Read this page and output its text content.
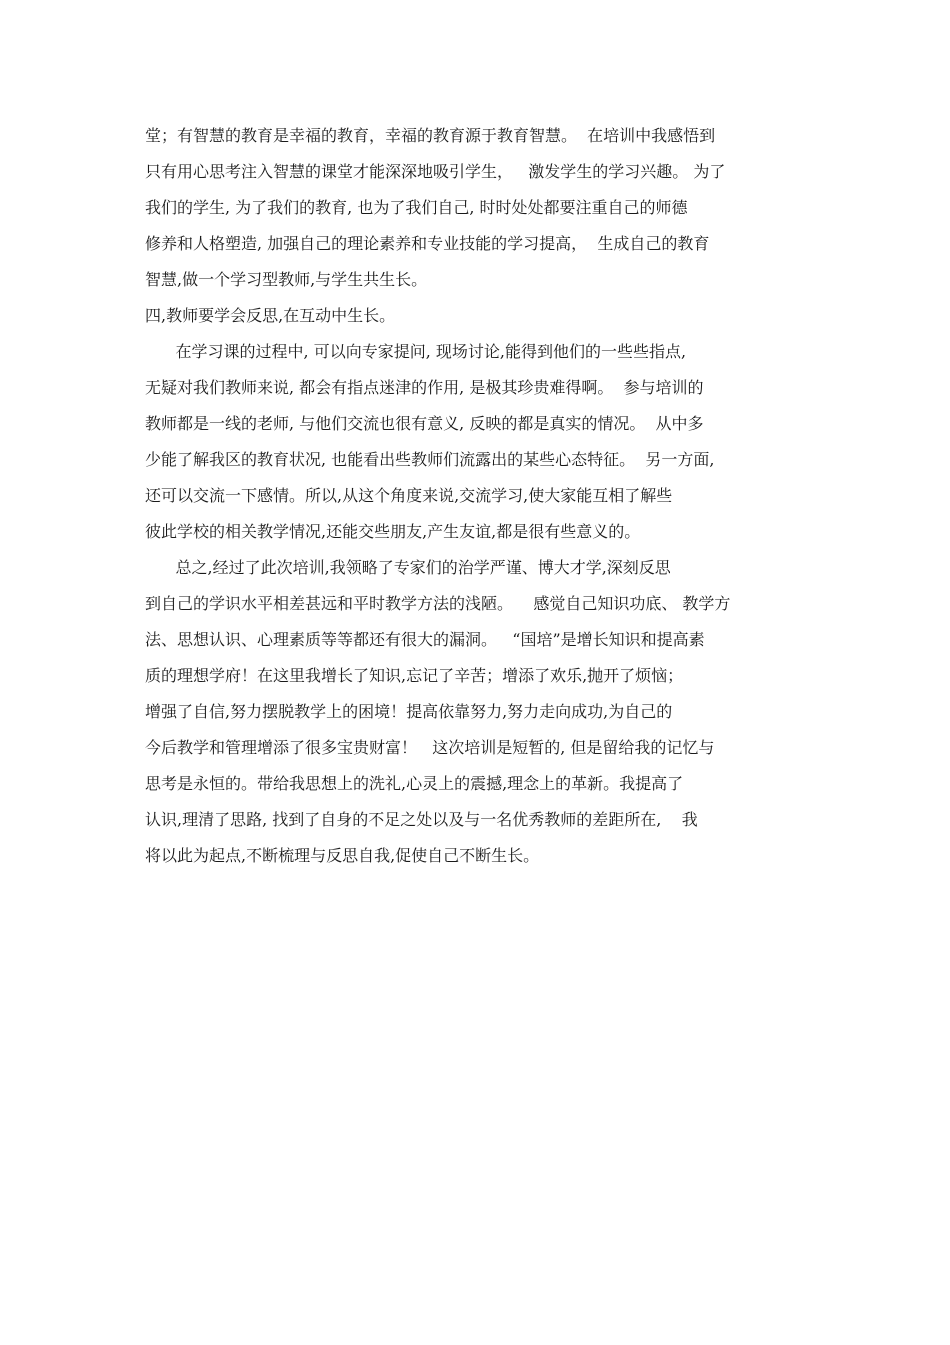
堂；有智慧的教育是幸福的教育，幸福的教育源于教育智慧。  在培训中我感悟到
只有用心思考注入智慧的课堂才能深深地吸引学生，   激发学生的学习兴趣。 为了
我们的学生, 为了我们的教育, 也为了我们自己, 时时处处都要注重自己的师德
修养和人格塑造, 加强自己的理论素养和专业技能的学习提高，  生成自己的教育
智慧,做一个学习型教师,与学生共生长。
四,教师要学会反思,在互动中生长。
在学习课的过程中, 可以向专家提问, 现场讨论,能得到他们的一些些指点,
无疑对我们教师来说, 都会有指点迷津的作用, 是极其珍贵难得啊。  参与培训的
教师都是一线的老师, 与他们交流也很有意义, 反映的都是真实的情况。  从中多
少能了解我区的教育状况, 也能看出些教师们流露出的某些心态特征。  另一方面,
还可以交流一下感情。所以,从这个角度来说,交流学习,使大家能互相了解些
彼此学校的相关教学情况,还能交些朋友,产生友谊,都是很有些意义的。
总之,经过了此次培训,我领略了专家们的治学严谨、博大才学,深刻反思
到自己的学识水平相差甚远和平时教学方法的浅陋。    感觉自己知识功底、 教学方
法、思想认识、心理素质等等都还有很大的漏洞。   “国培”是增长知识和提高素
质的理想学府！在这里我增长了知识,忘记了辛苦；增添了欢乐,抛开了烦恼；
增强了自信,努力摆脱教学上的困境！提高依靠努力,努力走向成功,为自己的
今后教学和管理增添了很多宝贵财富！   这次培训是短暂的, 但是留给我的记忆与
思考是永恒的。带给我思想上的洗礼,心灵上的震撼,理念上的革新。我提高了
认识,理清了思路, 找到了自身的不足之处以及与一名优秀教师的差距所在,    我
将以此为起点,不断梳理与反思自我,促使自己不断生长。
